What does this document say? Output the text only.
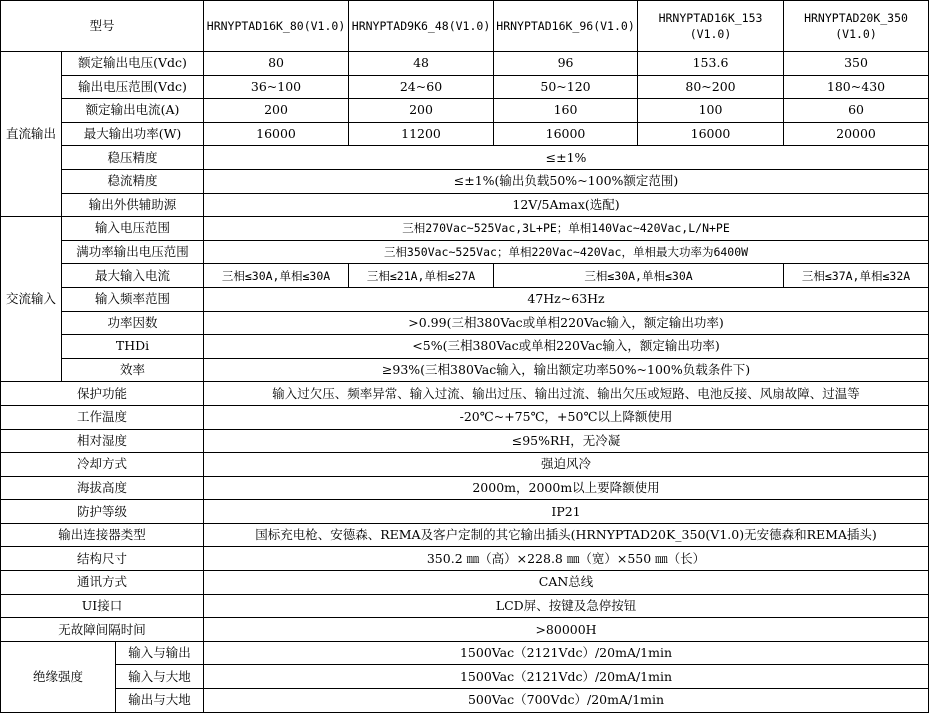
型号			HRNYPTAD16K_80(V1.0)	HRNYPTAD9K6_48(V1.0)	HRNYPTAD16K_96(V1.0)	HRNYPTAD16K_153 (V1.0)	HRNYPTAD20K_350 (V1.0)
直流输出	额定输出电压(Vdc)		80	48	96	153.6	350
	输出电压范围(Vdc)		36~100	24~60	50~120	80~200	180~430
	额定输出电流(A)		200	200	160	100	60
	最大输出功率(W)		16000	11200	16000	16000	20000
	稳压精度		≤±1%				
	稳流精度		≤±1%(输出负载50%~100%额定范围)				
	输出外供辅助源		12V/5Amax(选配)				
交流输入	输入电压范围		三相270Vac~525Vac,3L+PE；单相140Vac~420Vac,L/N+PE				
	满功率输出电压范围		三相350Vac~525Vac；单相220Vac~420Vac，单相最大功率为6400W				
	最大输入电流		三相≤30A,单相≤30A	三相≤21A,单相≤27A	三相≤30A,单相≤30A		三相≤37A,单相≤32A
	输入频率范围		47Hz~63Hz				
	功率因数		>0.99(三相380Vac或单相220Vac输入，额定输出功率)				
	THDi		<5%(三相380Vac或单相220Vac输入，额定输出功率)				
	效率		≥93%(三相380Vac输入，输出额定功率50%~100%负载条件下)				
保护功能			输入过欠压、频率异常、输入过流、输出过压、输出过流、输出欠压或短路、电池反接、风扇故障、过温等				
工作温度			-20℃~+75℃，+50℃以上降额使用				
相对湿度			≤95%RH，无冷凝				
冷却方式			强迫风冷				
海拔高度			2000m，2000m以上要降额使用				
防护等级			IP21				
输出连接器类型			国标充电枪、安德森、REMA及客户定制的其它输出插头(HRNYPTAD20K_350(V1.0)无安德森和REMA插头)				
结构尺寸			350.2 ㎜（高）×228.8 ㎜（宽）×550 ㎜（长）				
通讯方式			CAN总线				
UI接口			LCD屏、按键及急停按钮				
无故障间隔时间			>80000H				
绝缘强度		输入与输出	1500Vac（2121Vdc）/20mA/1min				
		输入与大地	1500Vac（2121Vdc）/20mA/1min				
		输出与大地	500Vac（700Vdc）/20mA/1min				
